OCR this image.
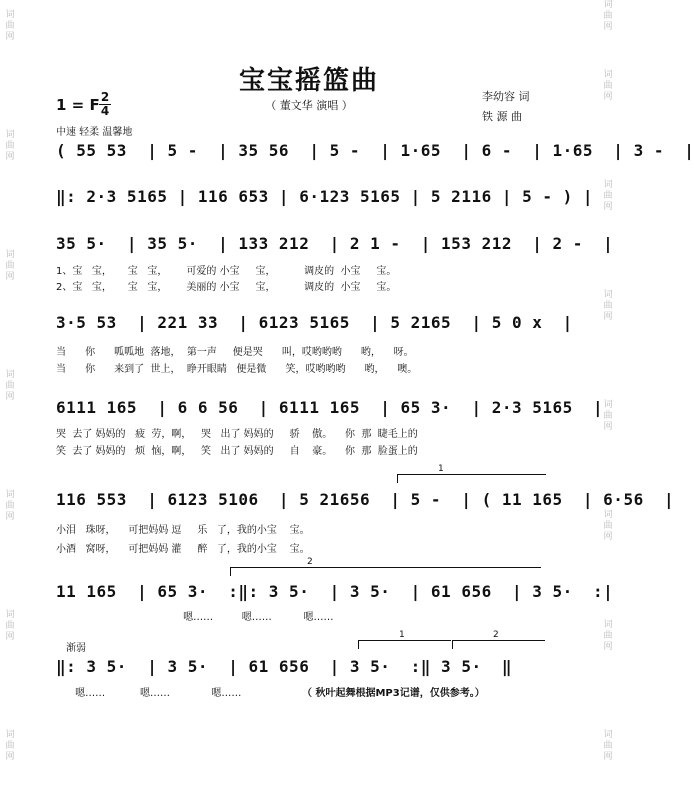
词
曲
网
词
曲
网
词
曲
网
词
曲
网
词
曲
网
词
曲
网
词
曲
网
词
曲
网
词
曲
网
词
曲
网
词
曲
网
词
曲
网
词
曲
网
词
曲
网
词
曲
网
宝宝摇篮曲
（ 董文华 演唱 ）
李幼容 词
铁 源 曲
1 = F 2
4
中速 轻柔 温馨地
( 55 53  | 5 -  | 35 56  | 5 -  | 1·65  | 6 -  | 1·65  | 3 -  |
‖: 2·3 5165 | 116 653 | 6·123 5165 | 5 2116 | 5 - ) |
35 5·  | 35 5·  | 133 212  | 2 1 -  | 153 212  | 2 -  |
1、宝   宝，     宝   宝，      可爱的 小宝     宝，         调皮的  小宝     宝。
2、宝   宝，     宝   宝，      美丽的 小宝     宝，         调皮的  小宝     宝。
3·5 53  | 221 33  | 6123 5165  | 5 2165  | 5 0 x  |
当      你      呱呱地  落地，  第一声     便是哭      叫，哎哟哟哟      哟，    呀。
当      你      来到了  世上，  睁开眼睛   便是微      笑，哎哟哟哟      哟，    噢。
6111 165  | 6 6 56  | 6111 165  | 65 3·  | 2·3 5165  |
哭  去了 妈妈的   疲  劳，啊，   哭   出了 妈妈的     骄    傲。    你  那  睫毛上的
笑  去了 妈妈的   烦  恼，啊，   笑   出了 妈妈的     自    豪。    你  那  脸蛋上的
1
116 553  | 6123 5106  | 5 21656  | 5 -  | ( 11 165  | 6·56  |
小泪   珠呀，    可把妈妈 逗     乐   了，我的小宝    宝。
小酒   窝呀，    可把妈妈 灌     醉   了，我的小宝    宝。
2
11 165  | 65 3·  :‖: 3 5·  | 3 5·  | 61 656  | 3 5·  :|
嗯……         嗯……          嗯……
渐弱
1	2
‖: 3 5·  | 3 5·  | 61 656  | 3 5·  :‖ 3 5·  ‖
嗯……           嗯……             嗯……	（ 秋叶起舞根据MP3记谱，仅供参考。）
